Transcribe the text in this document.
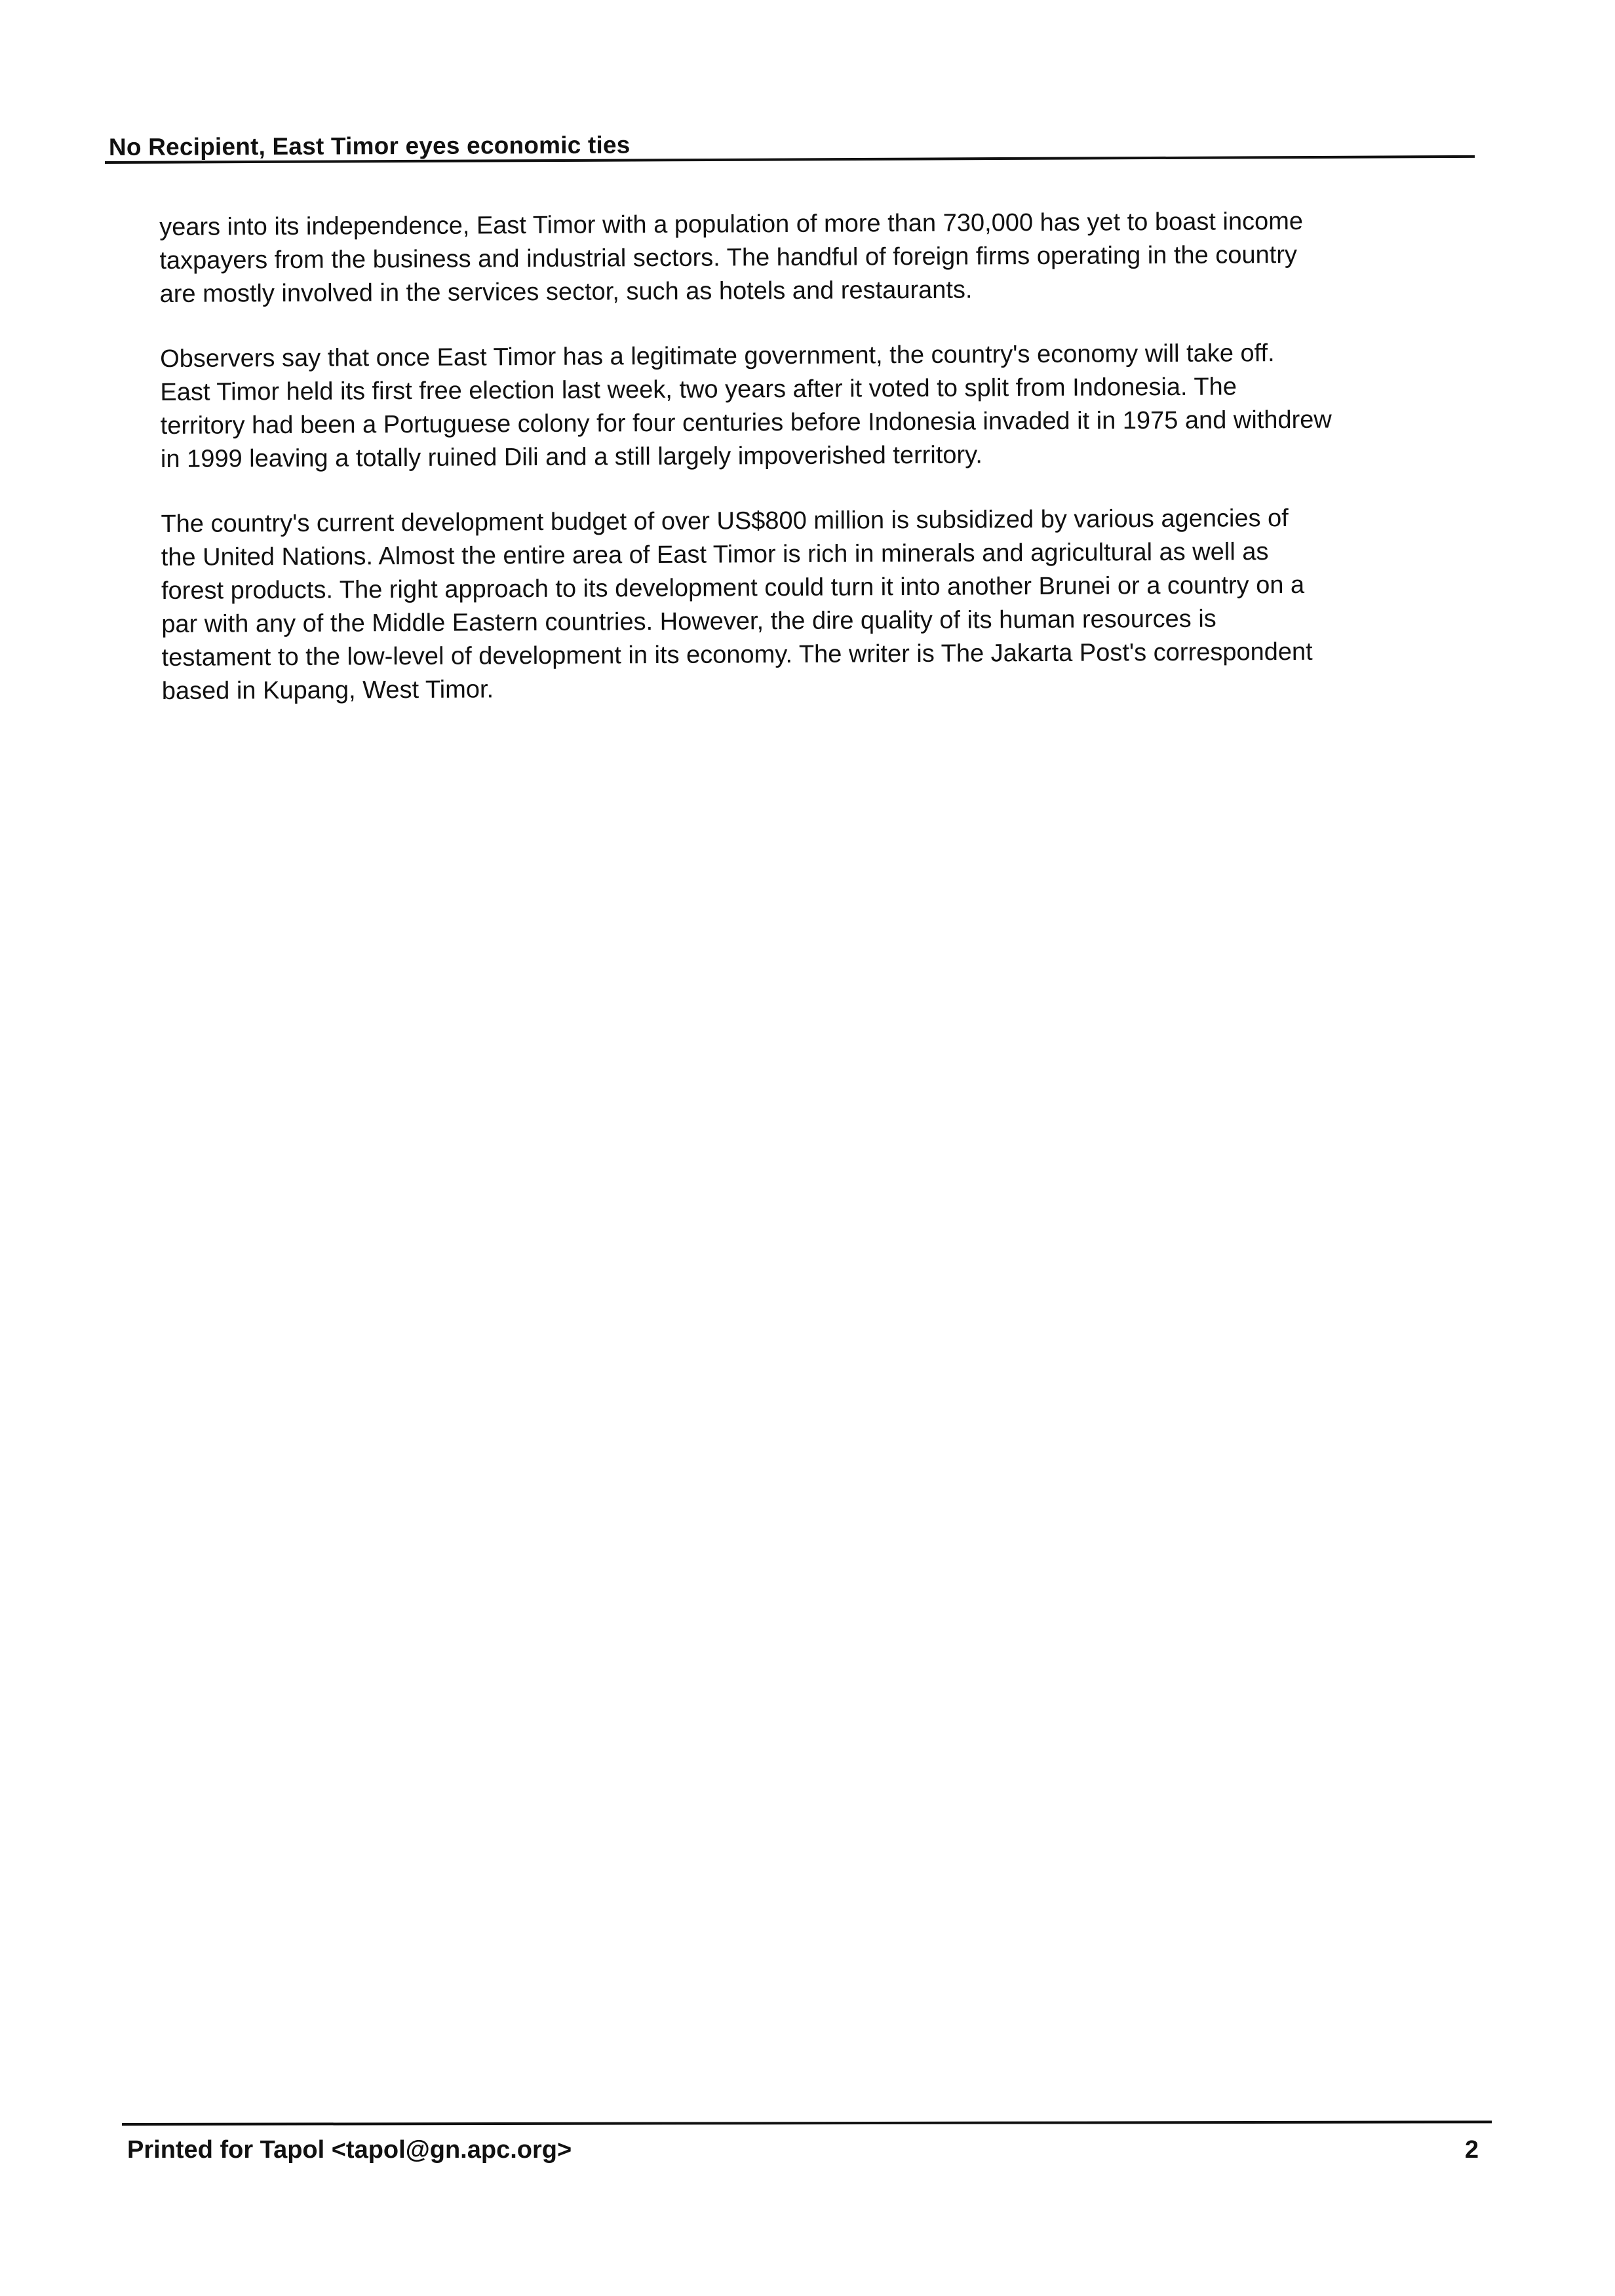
No Recipient, East Timor eyes economic ties

years into its independence, East Timor with a population of more than 730,000 has yet to boast income
taxpayers from the business and industrial sectors. The handful of foreign firms operating in the country
are mostly involved in the services sector, such as hotels and restaurants.

Observers say that once East Timor has a legitimate government, the country's economy will take off.
East Timor held its first free election last week, two years after it voted to split from Indonesia. The
territory had been a Portuguese colony for four centuries before Indonesia invaded it in 1975 and withdrew
in 1999 leaving a totally ruined Dili and a still largely impoverished territory.

The country's current development budget of over US$800 million is subsidized by various agencies of
the United Nations. Almost the entire area of East Timor is rich in minerals and agricultural as well as
forest products. The right approach to its development could turn it into another Brunei or a country on a
par with any of the Middle Eastern countries. However, the dire quality of its human resources is
testament to the low-level of development in its economy. The writer is The Jakarta Post's correspondent
based in Kupang, West Timor.

Printed for Tapol <tapol@gn.apc.org>	2
